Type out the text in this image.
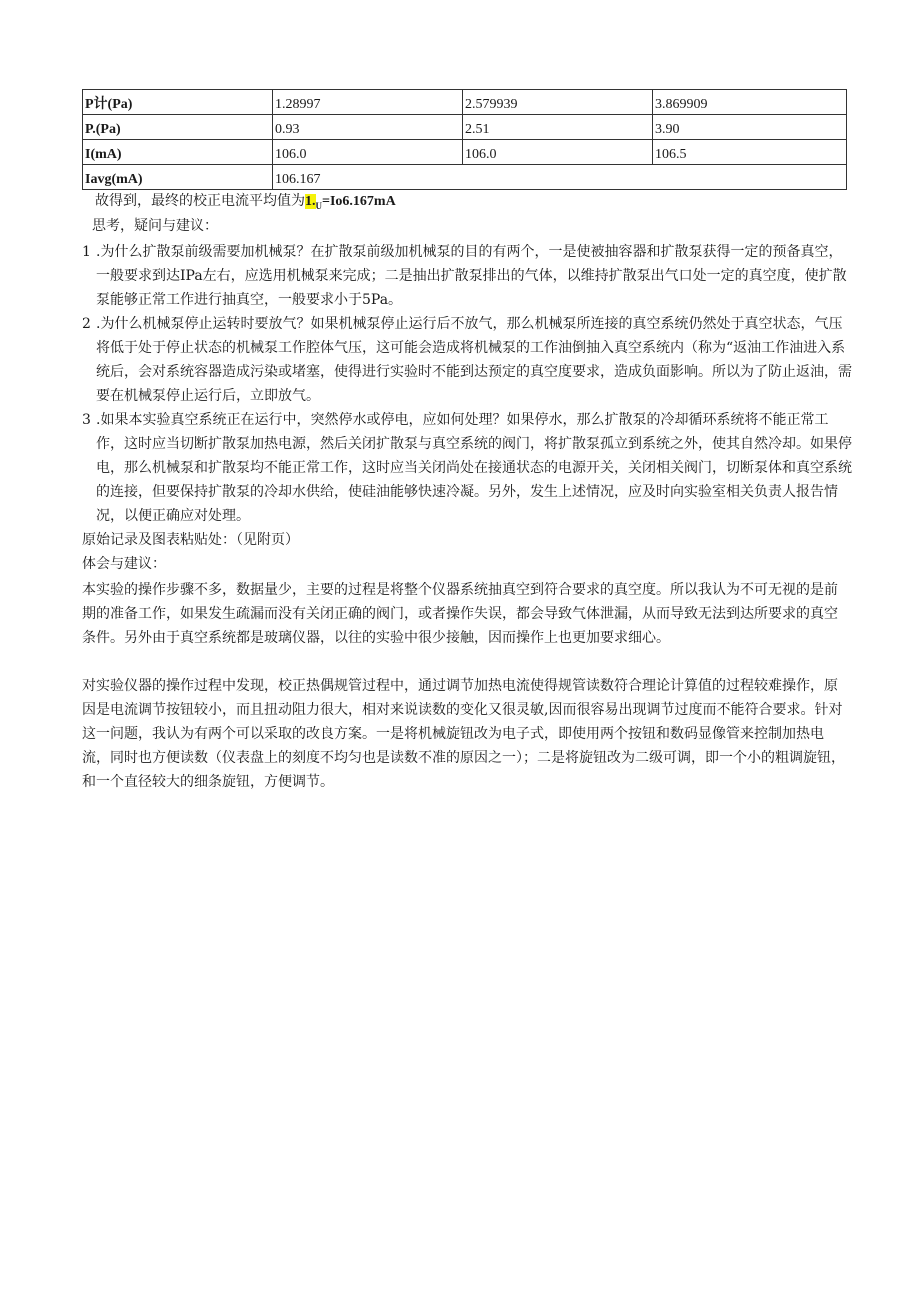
P计(Pa)	1.28997	2.579939	3.869909
P.(Pa)	0.93	2.51	3.90
I(mA)	106.0	106.0	106.5
Iavg(mA)	106.167		
故得到，最终的校正电流平均值为$1._U=Io6.167mA$
思考，疑问与建议：
1 .为什么扩散泵前级需要加机械泵？在扩散泵前级加机械泵的目的有两个，一是使被抽容器和扩散泵获得一定的预备真空，一般要求到达IPa左右，应选用机械泵来完成；二是抽出扩散泵排出的气体，以维持扩散泵出气口处一定的真空度，使扩散泵能够正常工作进行抽真空，一般要求小于5Pa。
2 .为什么机械泵停止运转时要放气？如果机械泵停止运行后不放气，那么机械泵所连接的真空系统仍然处于真空状态，气压将低于处于停止状态的机械泵工作腔体气压，这可能会造成将机械泵的工作油倒抽入真空系统内（称为“返油工作油进入系统后，会对系统容器造成污染或堵塞，使得进行实验时不能到达预定的真空度要求，造成负面影响。所以为了防止返油，需要在机械泵停止运行后，立即放气。
3 .如果本实验真空系统正在运行中，突然停水或停电，应如何处理？如果停水，那么扩散泵的冷却循环系统将不能正常工作，这时应当切断扩散泵加热电源，然后关闭扩散泵与真空系统的阀门，将扩散泵孤立到系统之外，使其自然冷却。如果停电，那么机械泵和扩散泵均不能正常工作，这时应当关闭尚处在接通状态的电源开关，关闭相关阀门，切断泵体和真空系统的连接，但要保持扩散泵的冷却水供给，使硅油能够快速冷凝。另外，发生上述情况，应及时向实验室相关负责人报告情况，以便正确应对处理。
原始记录及图表粘贴处：（见附页）
体会与建议：
本实验的操作步骤不多，数据量少，主要的过程是将整个仪器系统抽真空到符合要求的真空度。所以我认为不可无视的是前期的准备工作，如果发生疏漏而没有关闭正确的阀门，或者操作失误，都会导致气体泄漏，从而导致无法到达所要求的真空条件。另外由于真空系统都是玻璃仪器，以往的实验中很少接触，因而操作上也更加要求细心。
对实验仪器的操作过程中发现，校正热偶规管过程中，通过调节加热电流使得规管读数符合理论计算值的过程较难操作，原因是电流调节按钮较小，而且扭动阻力很大，相对来说读数的变化又很灵敏,因而很容易出现调节过度而不能符合要求。针对这一问题，我认为有两个可以采取的改良方案。一是将机械旋钮改为电子式，即使用两个按钮和数码显像管来控制加热电流，同时也方便读数（仪表盘上的刻度不均匀也是读数不准的原因之一）；二是将旋钮改为二级可调，即一个小的粗调旋钮，和一个直径较大的细条旋钮，方便调节。
